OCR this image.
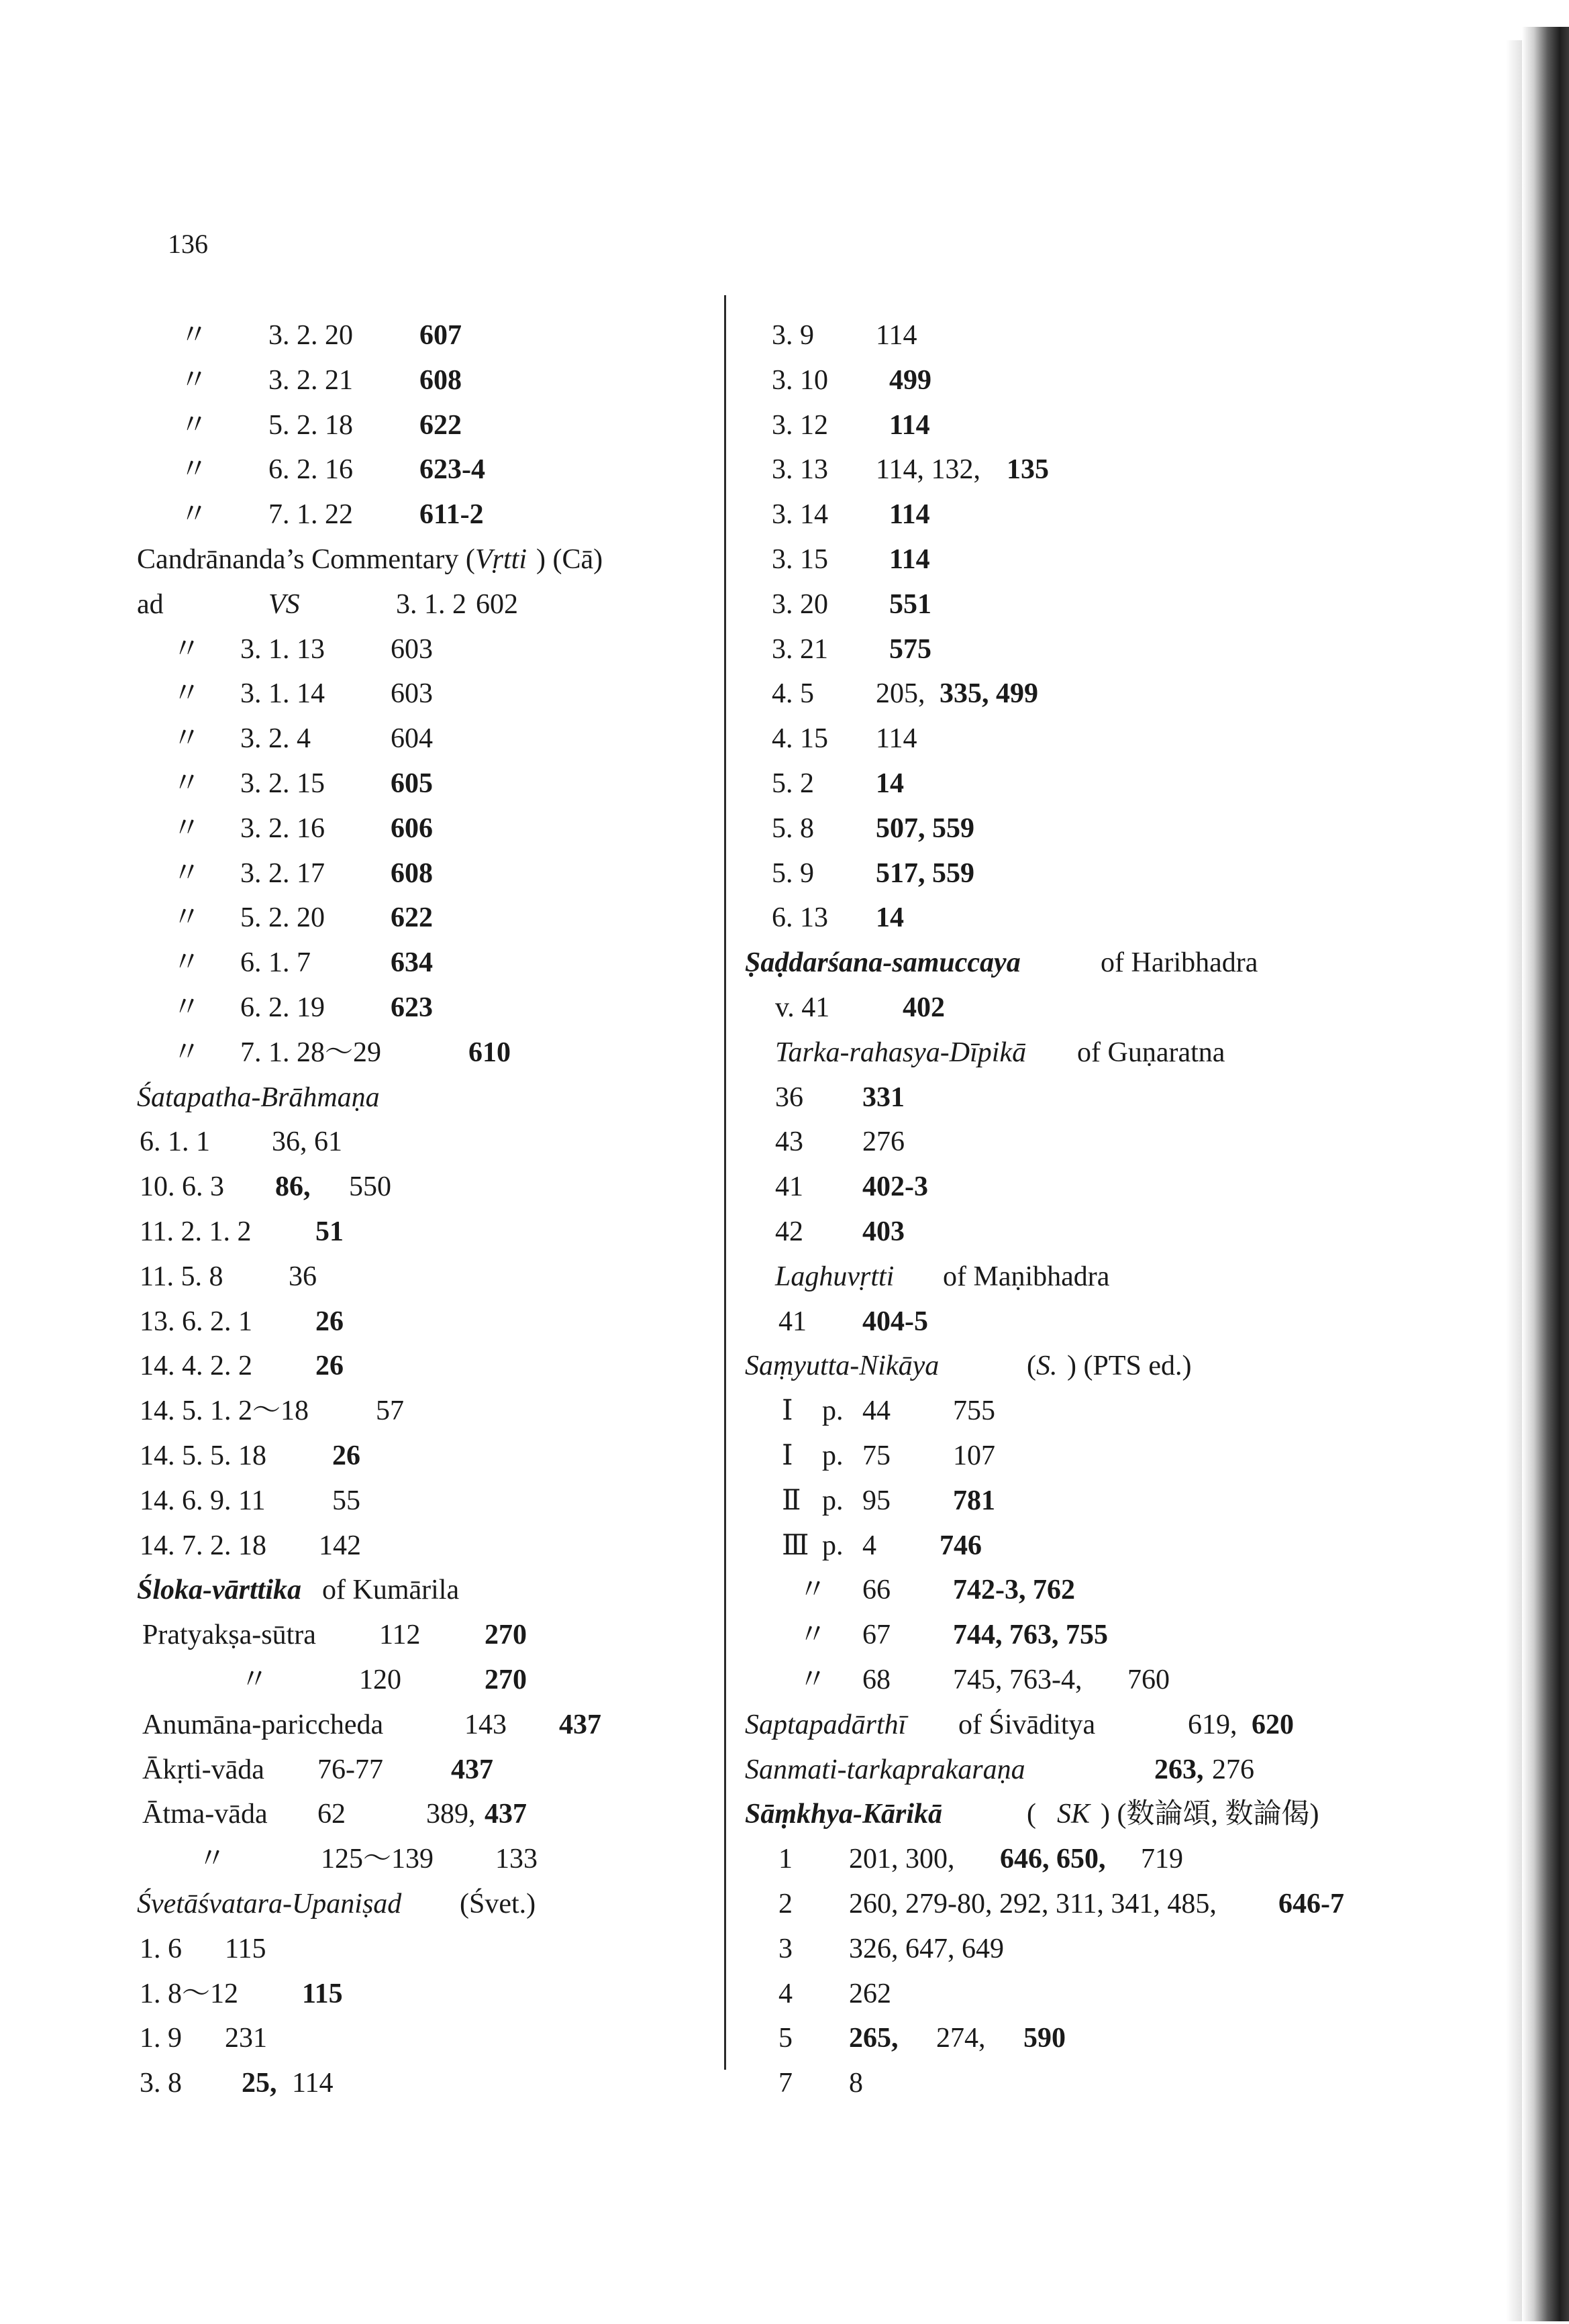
136
〃 3. 2. 20 607
〃 3. 2. 21 608
〃 5. 2. 18 622
〃 6. 2. 16 623-4
〃 7. 1. 22 611-2
Candrānanda’s Commentary ( Vṛtti ) (Cā)
ad	VS	3. 1. 2 602
〃 3. 1. 13 603
〃 3. 1. 14 603
〃 3. 2. 4	604
〃 3. 2. 15 605
〃 3. 2. 16 606
〃 3. 2. 17 608
〃 5. 2. 20 622
〃 6. 1. 7	634
〃 6. 2. 19 623
〃 7. 1. 28～29	610
Śatapatha-Brāhmaṇa
6. 1. 1 36, 61
10. 6. 3 86, 550
11. 2. 1. 2 51
11. 5. 8 36
13. 6. 2. 1 26
14. 4. 2. 2 26
14. 5. 1. 2～18 57
14. 5. 5. 18 26
14. 6. 9. 11 55
14. 7. 2. 18 142
Śloka-vārttika of Kumārila
Pratyakṣa-sūtra 112 270
〃	120	270
Anumāna-pariccheda	143 437
Ākṛti-vāda 76-77 437
Ātma-vāda 62	389, 437
〃	125～139 133
Śvetāśvatara-Upaniṣad (Śvet.)
1. 6 115
1. 8～12 115
1. 9 231
3. 8 25, 114
3. 9 114
3. 10 499
3. 12 114
3. 13 114, 132, 135
3. 14 114
3. 15 114
3. 20 551
3. 21 575
4. 5 205, 335, 499
4. 15 114
5. 2 14
5. 8 507, 559
5. 9 517, 559
6. 13 14
Ṣaḍdarśana-samuccaya	of Haribhadra
v. 41	402
Tarka-rahasya-Dīpikā of Guṇaratna
36 331
43 276
41 402-3
42 403
Laghuvṛtti of Maṇibhadra
41 404-5
Saṃyutta-Nikāya	( S. ) (PTS ed.)
Ⅰ p. 44 755
Ⅰ p. 75 107
Ⅱ p. 95 781
Ⅲ p. 4 746
〃 66 742-3, 762
〃 67 744, 763, 755
〃 68 745, 763-4, 760
Saptapadārthī of Śivāditya	619, 620
Sanmati-tarkaprakaraṇa	263, 276
Sāṃkhya-Kārikā	( SK ) (数論頌, 数論偈)
1 201, 300, 646, 650, 719
2 260, 279-80, 292, 311, 341, 485, 646-7
3 326, 647, 649
4 262
5 265, 274, 590
7 8
